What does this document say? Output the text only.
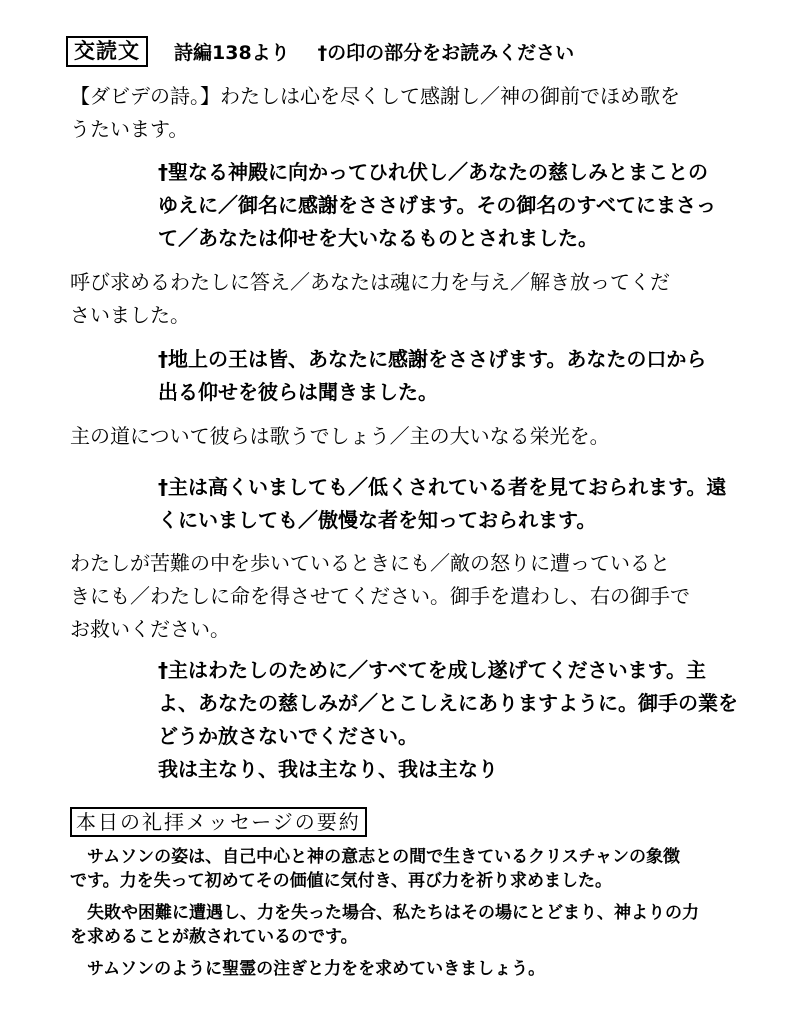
交読文	詩編138より †の印の部分をお読みください
【ダビデの詩。】わたしは心を尽くして感謝し／神の御前でほめ歌を
うたいます。
†聖なる神殿に向かってひれ伏し／あなたの慈しみとまことの
ゆえに／御名に感謝をささげます。その御名のすべてにまさっ
て／あなたは仰せを大いなるものとされました。
呼び求めるわたしに答え／あなたは魂に力を与え／解き放ってくだ
さいました。
†地上の王は皆、あなたに感謝をささげます。あなたの口から
出る仰せを彼らは聞きました。
主の道について彼らは歌うでしょう／主の大いなる栄光を。
†主は高くいましても／低くされている者を見ておられます。遠
くにいましても／傲慢な者を知っておられます。
わたしが苦難の中を歩いているときにも／敵の怒りに遭っていると
きにも／わたしに命を得させてください。御手を遣わし、右の御手で
お救いください。
†主はわたしのために／すべてを成し遂げてくださいます。主
よ、あなたの慈しみが／とこしえにありますように。御手の業を
どうか放さないでください。
我は主なり、我は主なり、我は主なり
本日の礼拝メッセージの要約
　サムソンの姿は、自己中心と神の意志との間で生きているクリスチャンの象徴
です。力を失って初めてその価値に気付き、再び力を祈り求めました。
　失敗や困難に遭遇し、力を失った場合、私たちはその場にとどまり、神よりの力
を求めることが赦されているのです。
　サムソンのように聖霊の注ぎと力をを求めていきましょう。
